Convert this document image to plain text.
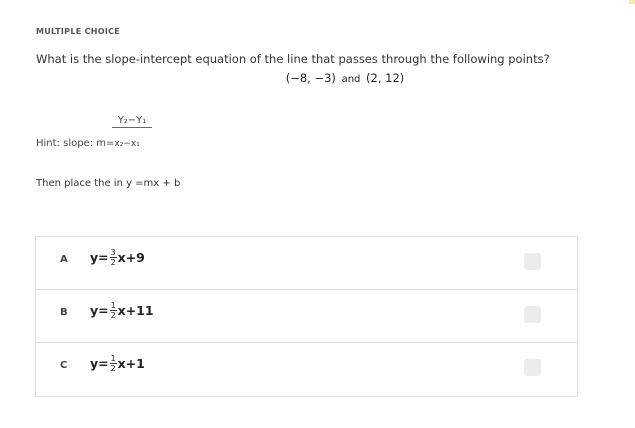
MULTIPLE CHOICE
What is the slope-intercept equation of the line that passes through the following points?
(−8, −3) and (2, 12)
Y₂−Y₁
Hint: slope: m=x₂−x₁
Then place the in y =mx + b
A $y= \frac{3}{2} x+9$
B $y= \frac{1}{2} x+11$
C $y= \frac{1}{2} x+1$
